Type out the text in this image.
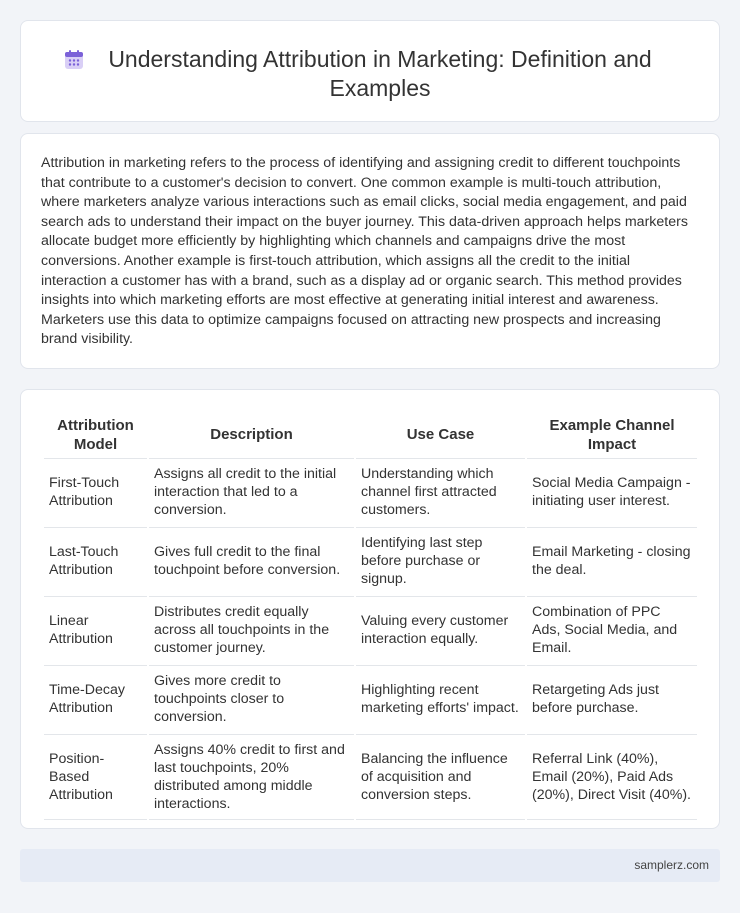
Understanding Attribution in Marketing: Definition and Examples

Attribution in marketing refers to the process of identifying and assigning credit to different touchpoints that contribute to a customer's decision to convert. One common example is multi-touch attribution, where marketers analyze various interactions such as email clicks, social media engagement, and paid search ads to understand their impact on the buyer journey. This data-driven approach helps marketers allocate budget more efficiently by highlighting which channels and campaigns drive the most conversions. Another example is first-touch attribution, which assigns all the credit to the initial interaction a customer has with a brand, such as a display ad or organic search. This method provides insights into which marketing efforts are most effective at generating initial interest and awareness. Marketers use this data to optimize campaigns focused on attracting new prospects and increasing brand visibility.

Attribution Model	Description	Use Case	Example Channel Impact
First-Touch Attribution	Assigns all credit to the initial interaction that led to a conversion.	Understanding which channel first attracted customers.	Social Media Campaign - initiating user interest.
Last-Touch Attribution	Gives full credit to the final touchpoint before conversion.	Identifying last step before purchase or signup.	Email Marketing - closing the deal.
Linear Attribution	Distributes credit equally across all touchpoints in the customer journey.	Valuing every customer interaction equally.	Combination of PPC Ads, Social Media, and Email.
Time-Decay Attribution	Gives more credit to touchpoints closer to conversion.	Highlighting recent marketing efforts' impact.	Retargeting Ads just before purchase.
Position-Based Attribution	Assigns 40% credit to first and last touchpoints, 20% distributed among middle interactions.	Balancing the influence of acquisition and conversion steps.	Referral Link (40%), Email (20%), Paid Ads (20%), Direct Visit (40%).
samplerz.com
